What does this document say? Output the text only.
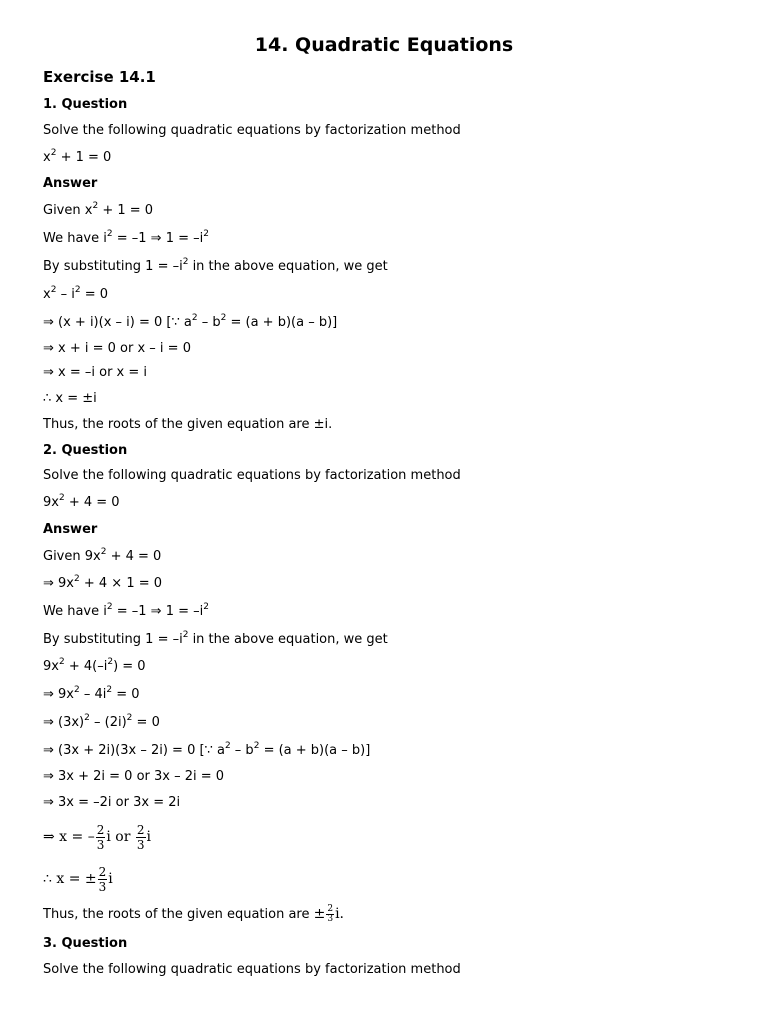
14. Quadratic Equations
Exercise 14.1
1. Question
Solve the following quadratic equations by factorization method
$x^2 + 1 = 0$
Answer
Given $x^2 + 1 = 0$
We have $i^2 = -1$ ⇒ $1 = -i^2$
By substituting $1 = -i^2$ in the above equation, we get
$x^2 - i^2 = 0$
⇒ (x + i)(x – i) = 0 [∵ $a^2 - b^2 = (a + b)(a - b)$]
⇒ x + i = 0 or x – i = 0
⇒ x = –i or x = i
∴ x = ±i
Thus, the roots of the given equation are ±i.
2. Question
Solve the following quadratic equations by factorization method
$9x^2 + 4 = 0$
Answer
Given $9x^2 + 4 = 0$
⇒ $9x^2 + 4 \times 1 = 0$
We have $i^2 = -1$ ⇒ $1 = -i^2$
By substituting $1 = -i^2$ in the above equation, we get
$9x^2 + 4(-i^2) = 0$
⇒ $9x^2 - 4i^2 = 0$
⇒ $(3x)^2 - (2i)^2 = 0$
⇒ (3x + 2i)(3x – 2i) = 0 [∵ $a^2 - b^2 = (a + b)(a - b)$]
⇒ 3x + 2i = 0 or 3x – 2i = 0
⇒ 3x = –2i or 3x = 2i
⇒ x = – $\frac{2}{3}$ i or $\frac{2}{3}$ i
∴ x = ± $\frac{2}{3}$ i
Thus, the roots of the given equation are ± $\frac{2}{3} i$.
3. Question
Solve the following quadratic equations by factorization method
